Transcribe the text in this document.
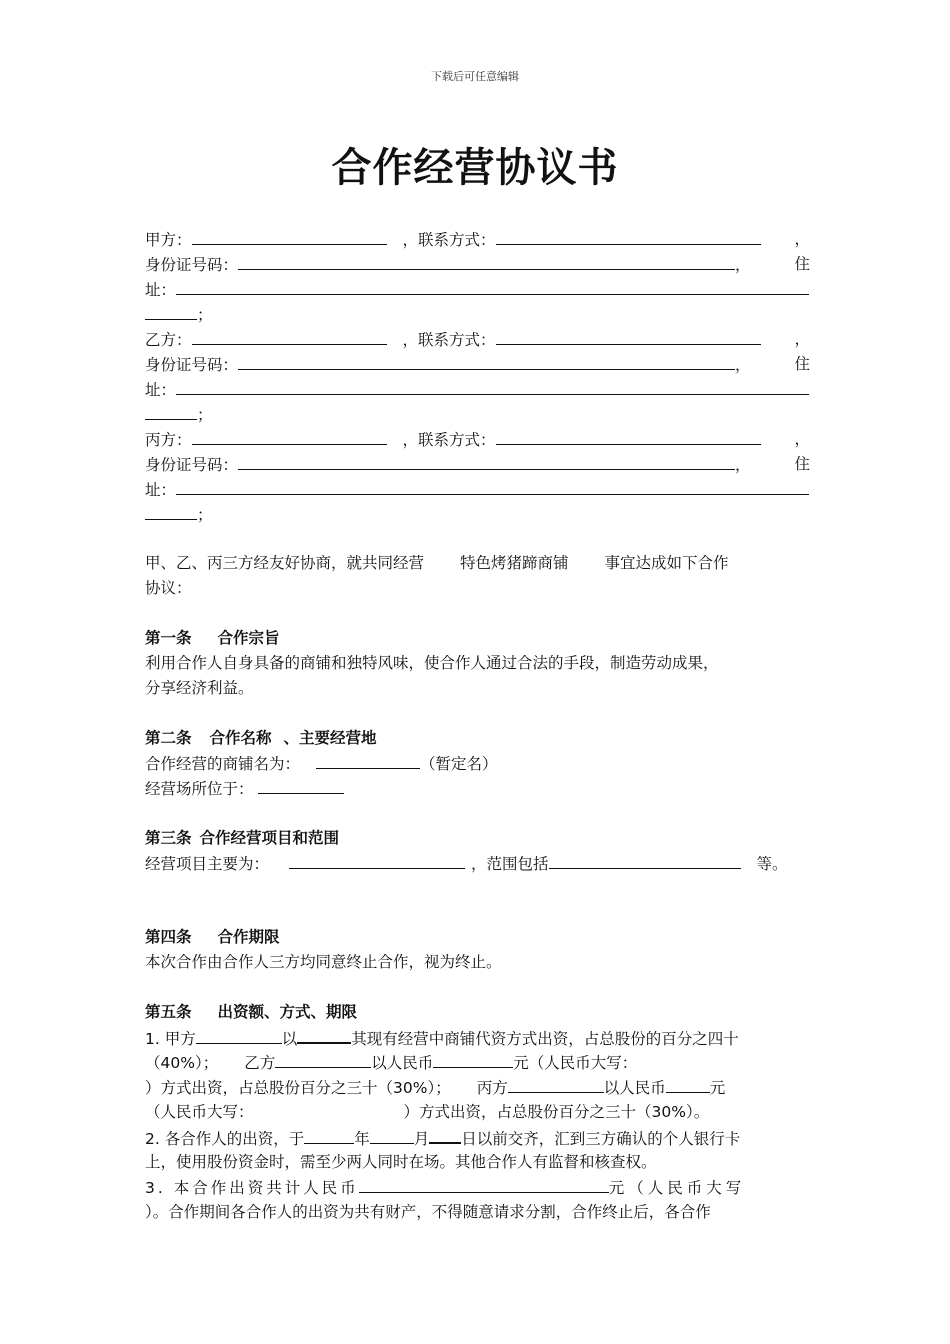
下载后可任意编辑
合作经营协议书
甲方：	，联系方式：	，
身份证号码：	，	住
址：
；
乙方：	，联系方式：	，
身份证号码：	，	住
址：
；
丙方：	，联系方式：	，
身份证号码：	，	住
址：
；
甲、乙、丙三方经友好协商，就共同经营 特色烤猪蹄商铺 事宜达成如下合作
协议：
第一条 合作宗旨
利用合作人自身具备的商铺和独特风味，使合作人通过合法的手段，制造劳动成果，
分享经济利益。
第二条 合作名称 、主要经营地
合作经营的商铺名为：	（暂定名）
经营场所位于：
第三条 合作经营项目和范围
经营项目主要为：	，范围包括	等。
第四条 合作期限
本次合作由合作人三方均同意终止合作，视为终止。
第五条 出资额、方式、期限
1. 甲方	以	其现有经营中商铺代资方式出资，占总股份的百分之四十
（40%）； 乙方	以人民币	元（人民币大写：
）方式出资，占总股份百分之三十（30%）； 丙方	以人民币	元
（人民币大写：	）方式出资，占总股份百分之三十（30%）。
2. 各合作人的出资，于	年	月 日以前交齐，汇到三方确认的个人银行卡
上，使用股份资金时，需至少两人同时在场。其他合作人有监督和核查权。
3. 本合作出资共计人民币	元（人民币大写
）。合作期间各合作人的出资为共有财产，不得随意请求分割，合作终止后，各合作
